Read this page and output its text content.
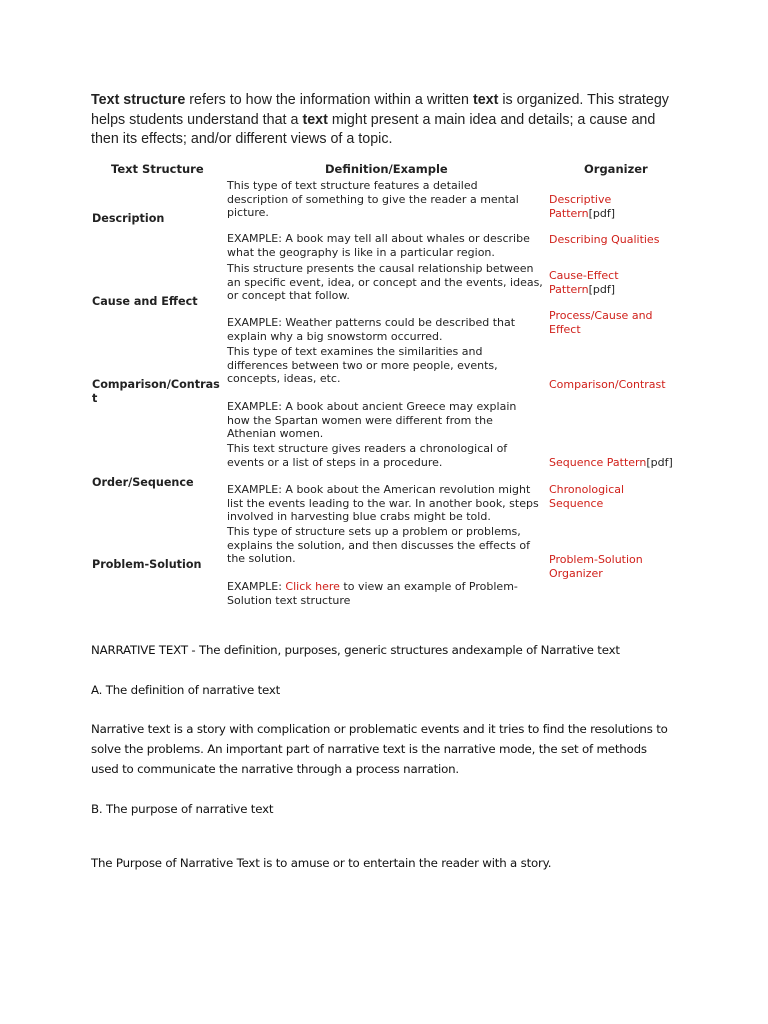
Text structure refers to how the information within a written text is organized. This strategy helps students understand that a text might present a main idea and details; a cause and then its effects; and/or different views of a topic.
Text Structure	Definition/Example	Organizer
Description
This type of text structure features a detailed description of something to give the reader a mental picture.
EXAMPLE: A book may tell all about whales or describe what the geography is like in a particular region.
Descriptive Pattern[pdf]
Describing Qualities
Cause and Effect
This structure presents the causal relationship between an specific event, idea, or concept and the events, ideas, or concept that follow.
EXAMPLE: Weather patterns could be described that explain why a big snowstorm occurred.
Cause-Effect Pattern[pdf]
Process/Cause and Effect
Comparison/Contrast
This type of text examines the similarities and differences between two or more people, events, concepts, ideas, etc.
EXAMPLE: A book about ancient Greece may explain how the Spartan women were different from the Athenian women.
Comparison/Contrast
Order/Sequence
This text structure gives readers a chronological of events or a list of steps in a procedure.
EXAMPLE: A book about the American revolution might list the events leading to the war. In another book, steps involved in harvesting blue crabs might be told.
Sequence Pattern[pdf]
Chronological Sequence
Problem-Solution
This type of structure sets up a problem or problems, explains the solution, and then discusses the effects of the solution.
EXAMPLE: Click here to view an example of Problem-Solution text structure
Problem-Solution Organizer
NARRATIVE TEXT - The definition, purposes, generic structures andexample of Narrative text
A. The definition of narrative text
Narrative text is a story with complication or problematic events and it tries to find the resolutions to solve the problems. An important part of narrative text is the narrative mode, the set of methods used to communicate the narrative through a process narration.
B. The purpose of narrative text
The Purpose of Narrative Text is to amuse or to entertain the reader with a story.
